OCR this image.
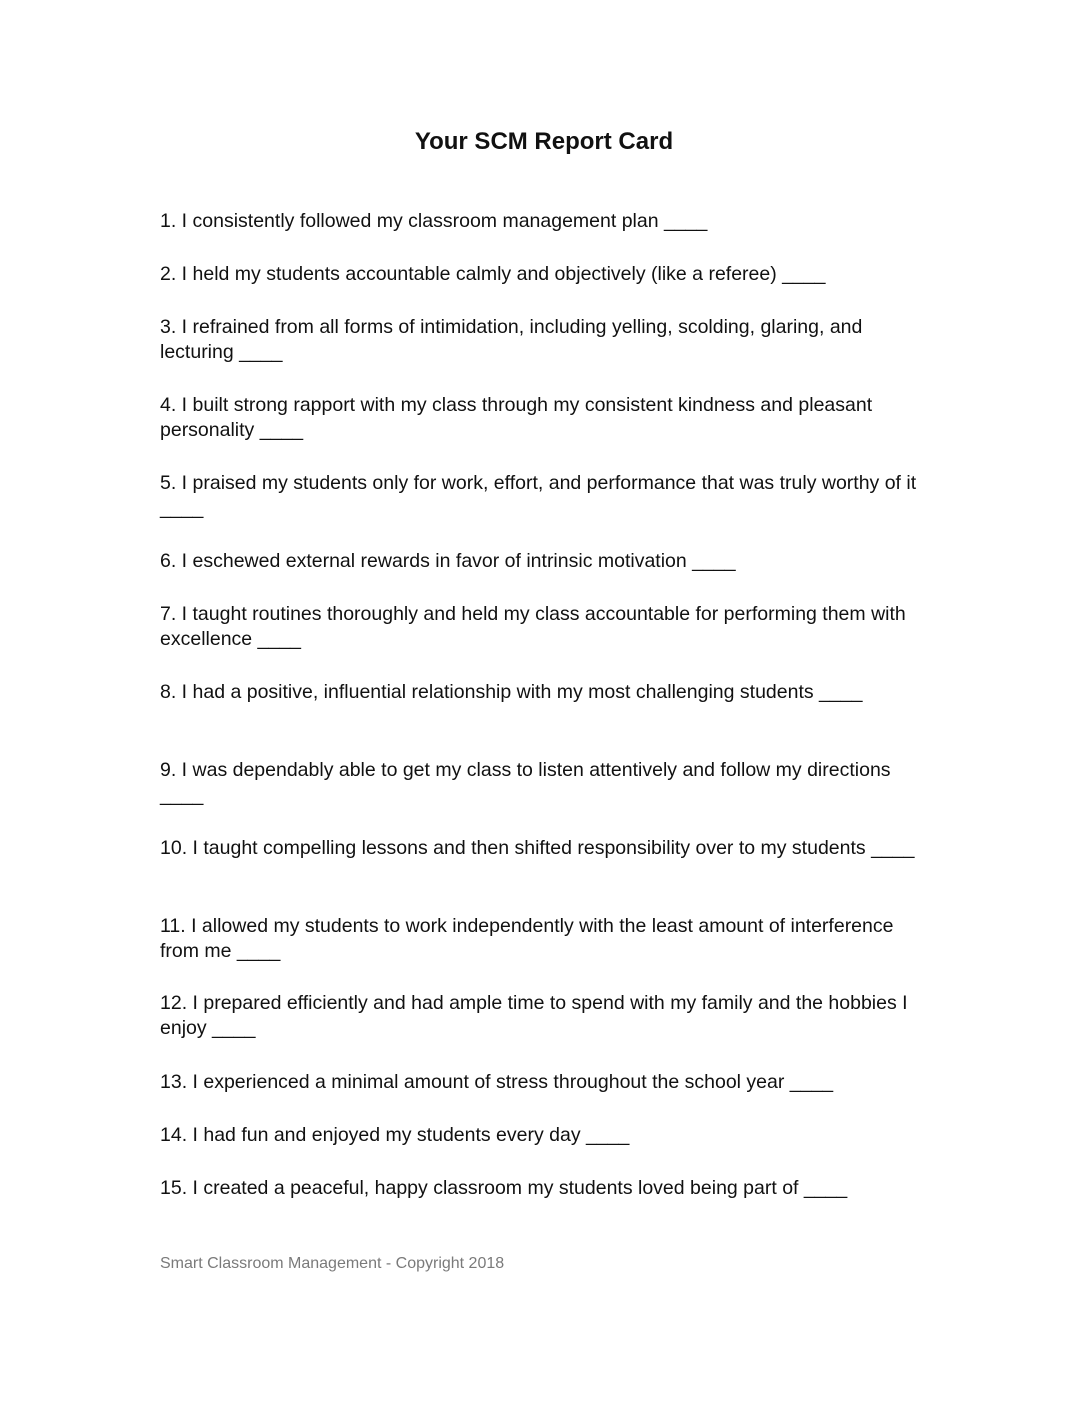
Your SCM Report Card
1. I consistently followed my classroom management plan ____
2. I held my students accountable calmly and objectively (like a referee) ____
3. I refrained from all forms of intimidation, including yelling, scolding, glaring, and lecturing ____
4. I built strong rapport with my class through my consistent kindness and pleasant personality ____
5. I praised my students only for work, effort, and performance that was truly worthy of it ____
6. I eschewed external rewards in favor of intrinsic motivation ____
7. I taught routines thoroughly and held my class accountable for performing them with excellence ____
8. I had a positive, influential relationship with my most challenging students ____
9. I was dependably able to get my class to listen attentively and follow my directions ____
10. I taught compelling lessons and then shifted responsibility over to my students ____
11. I allowed my students to work independently with the least amount of interference from me ____
12. I prepared efficiently and had ample time to spend with my family and the hobbies I enjoy ____
13. I experienced a minimal amount of stress throughout the school year ____
14. I had fun and enjoyed my students every day ____
15. I created a peaceful, happy classroom my students loved being part of ____
Smart Classroom Management - Copyright 2018
